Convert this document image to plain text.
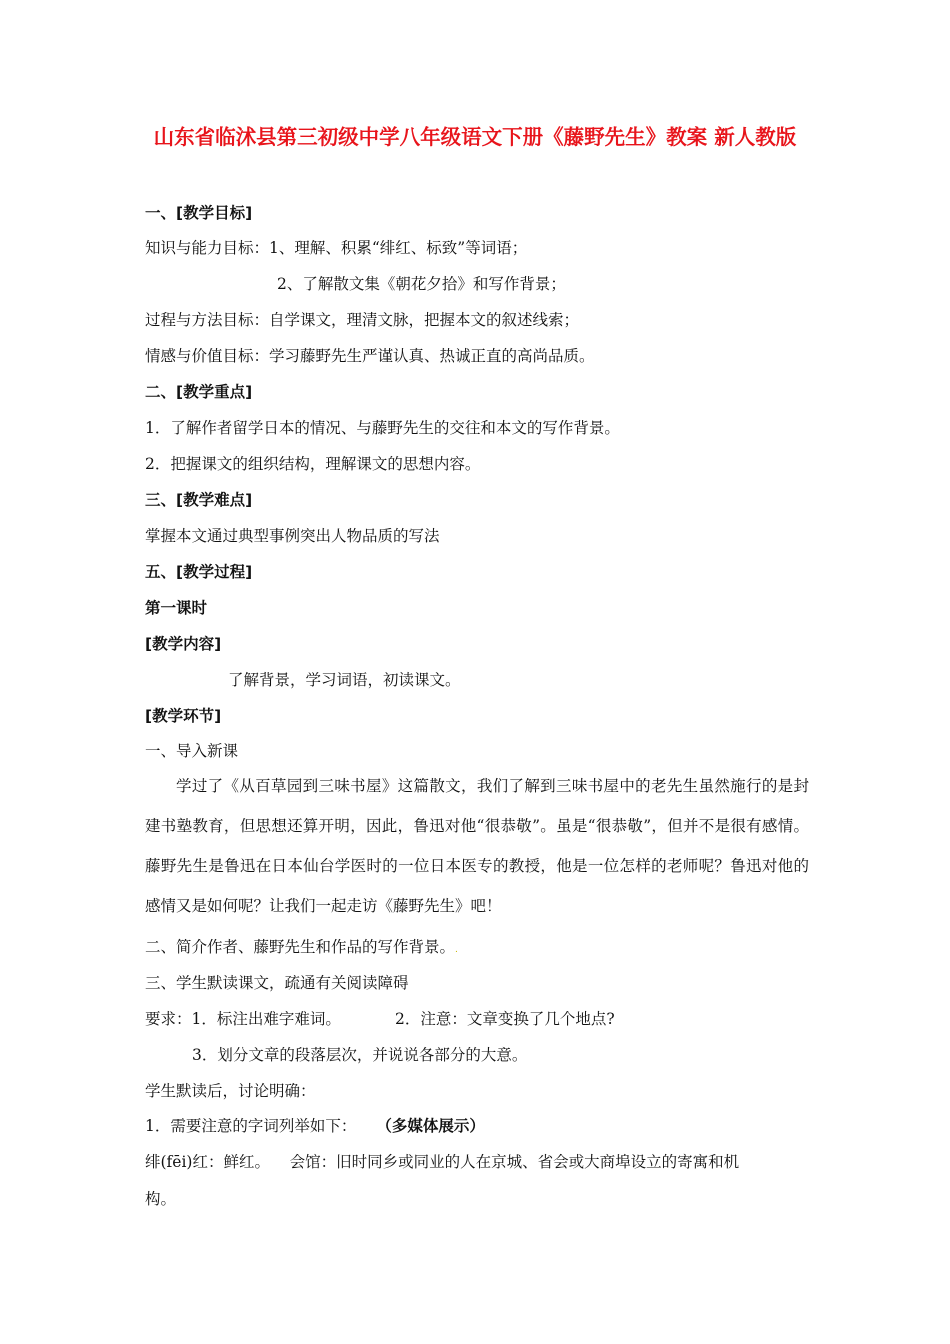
山东省临沭县第三初级中学八年级语文下册《藤野先生》教案 新人教版
一、[教学目标]
知识与能力目标：1、理解、积累“绯红、标致”等词语；
2、了解散文集《朝花夕拾》和写作背景；
过程与方法目标：自学课文，理清文脉，把握本文的叙述线索；
情感与价值目标：学习藤野先生严谨认真、热诚正直的高尚品质。
二、[教学重点]
1．了解作者留学日本的情况、与藤野先生的交往和本文的写作背景。
2．把握课文的组织结构，理解课文的思想内容。
三、[教学难点]
掌握本文通过典型事例突出人物品质的写法
五、[教学过程]
第一课时
[教学内容]
了解背景，学习词语，初读课文。
[教学环节]
一、导入新课
学过了《从百草园到三味书屋》这篇散文，我们了解到三味书屋中的老先生虽然施行的是封建书塾教育，但思想还算开明，因此，鲁迅对他“很恭敬”。虽是“很恭敬”，但并不是很有感情。藤野先生是鲁迅在日本仙台学医时的一位日本医专的教授，他是一位怎样的老师呢？鲁迅对他的感情又是如何呢？让我们一起走访《藤野先生》吧！
二、简介作者、藤野先生和作品的写作背景。.
三、学生默读课文，疏通有关阅读障碍
要求：1．标注出难字难词。	2．注意：文章变换了几个地点?
3．划分文章的段落层次，并说说各部分的大意。
学生默读后，讨论明确：
1．需要注意的字词列举如下： （多媒体展示）
绯(fēi)红：鲜红。    会馆：旧时同乡或同业的人在京城、省会或大商埠设立的寄寓和机
构。
